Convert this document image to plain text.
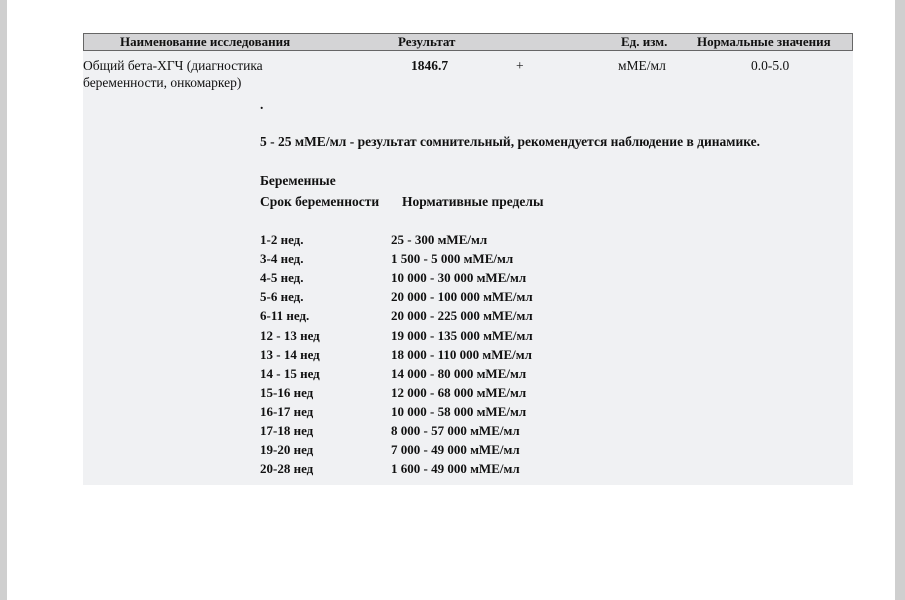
Наименование исследования	Результат	Ед. изм. Нормальные значения
Общий бета-ХГЧ (диагностика
беременности, онкомаркер)
1846.7	+	мМЕ/мл	0.0-5.0
.
5 - 25 мМЕ/мл - результат сомнительный, рекомендуется наблюдение в динамике.
Беременные
Срок беременности Нормативные пределы
1-2 нед.	25 - 300 мМЕ/мл
3-4 нед.	1 500 - 5 000 мМЕ/мл
4-5 нед.	10 000 - 30 000 мМЕ/мл
5-6 нед.	20 000 - 100 000 мМЕ/мл
6-11 нед.	20 000 - 225 000 мМЕ/мл
12 - 13 нед	19 000 - 135 000 мМЕ/мл
13 - 14 нед	18 000 - 110 000 мМЕ/мл
14 - 15 нед	14 000 - 80 000 мМЕ/мл
15-16 нед	12 000 - 68 000 мМЕ/мл
16-17 нед	10 000 - 58 000 мМЕ/мл
17-18 нед	8 000 - 57 000 мМЕ/мл
19-20 нед	7 000 - 49 000 мМЕ/мл
20-28 нед	1 600 - 49 000 мМЕ/мл
